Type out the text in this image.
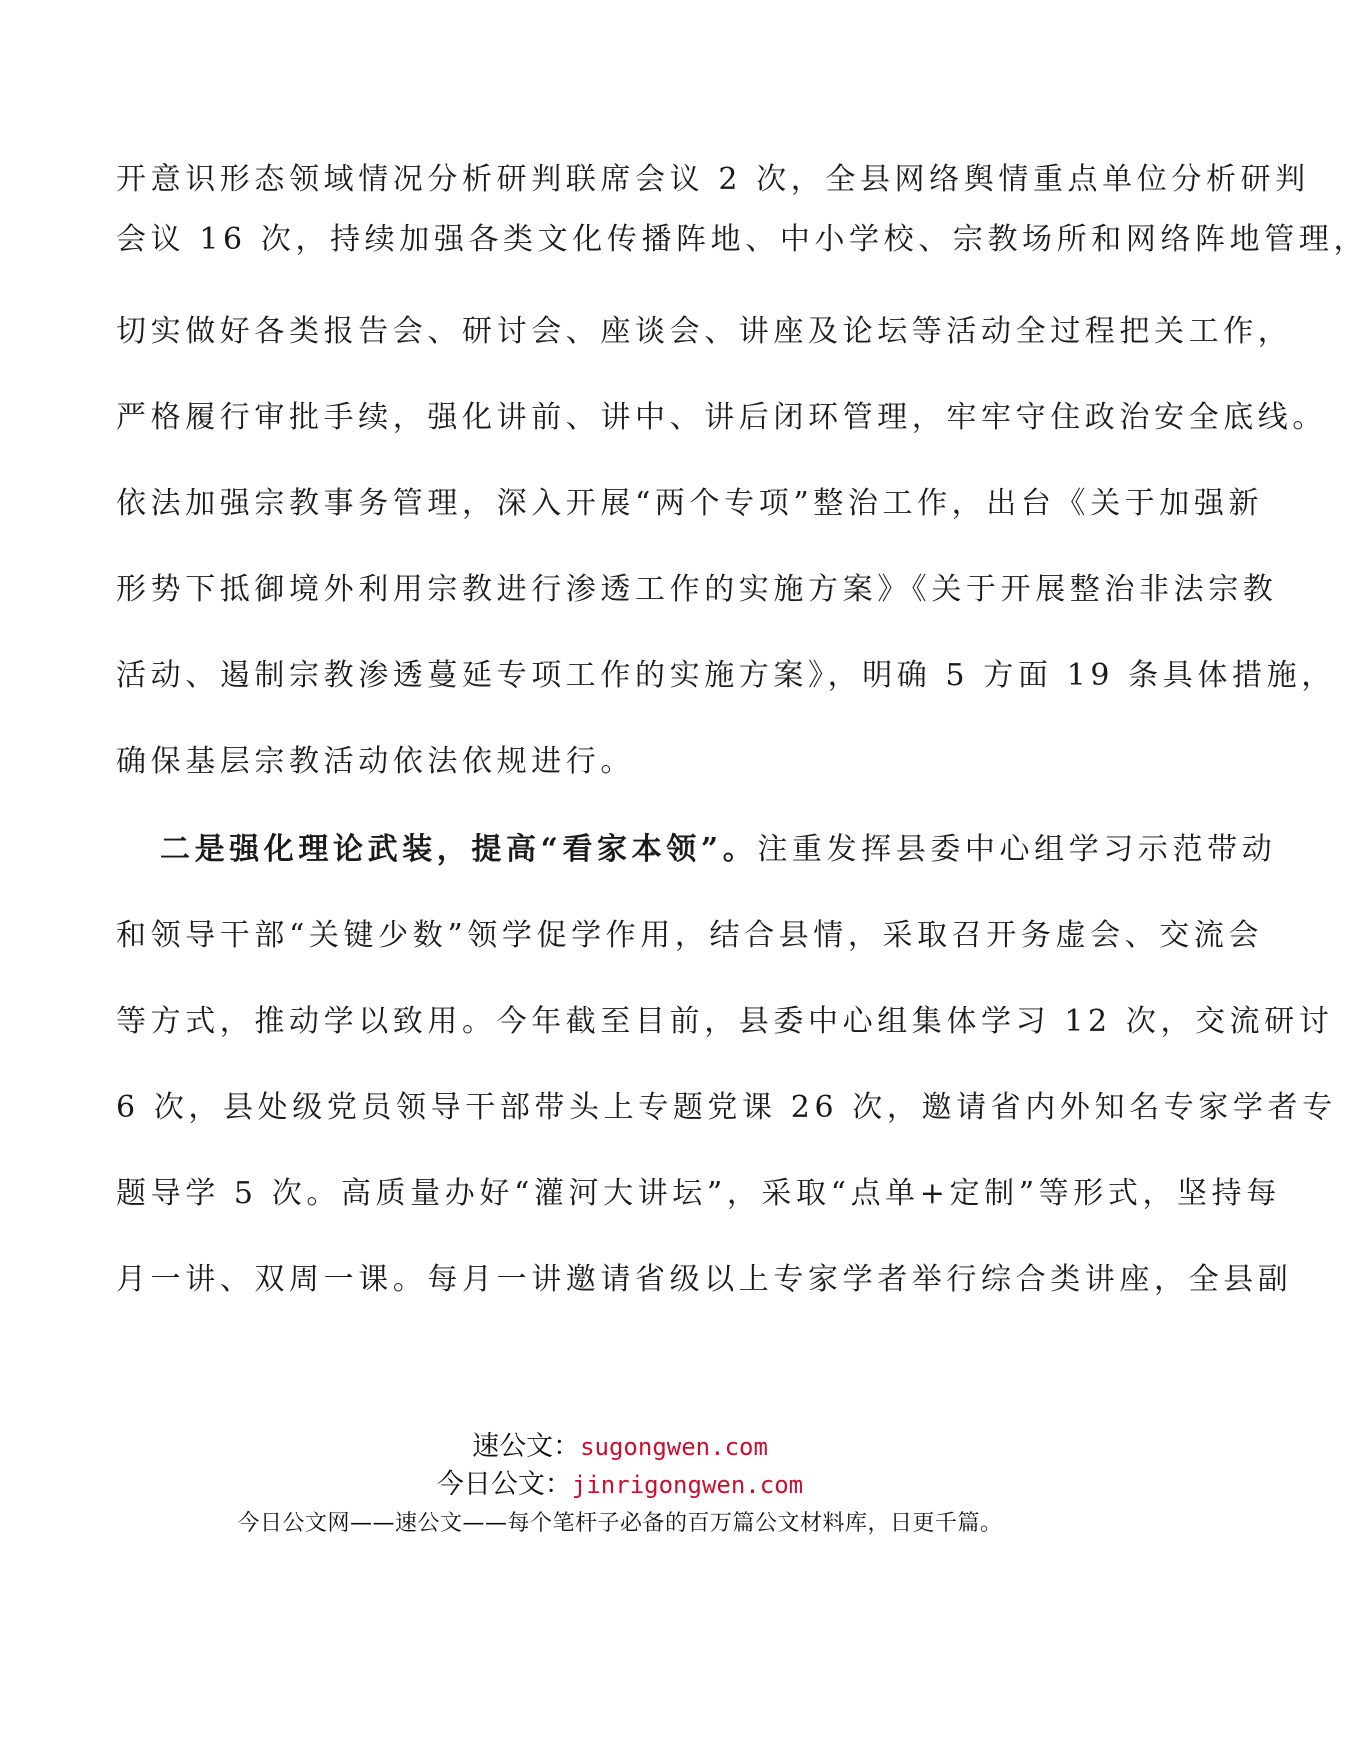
开意识形态领域情况分析研判联席会议 2 次，全县网络舆情重点单位分析研判
会议 16 次，持续加强各类文化传播阵地、中小学校、宗教场所和网络阵地管理，
切实做好各类报告会、研讨会、座谈会、讲座及论坛等活动全过程把关工作，
严格履行审批手续，强化讲前、讲中、讲后闭环管理，牢牢守住政治安全底线。
依法加强宗教事务管理，深入开展“两个专项”整治工作，出台《关于加强新
形势下抵御境外利用宗教进行渗透工作的实施方案》《关于开展整治非法宗教
活动、遏制宗教渗透蔓延专项工作的实施方案》，明确 5 方面 19 条具体措施，
确保基层宗教活动依法依规进行。
二是强化理论武装，提高“看家本领”。注重发挥县委中心组学习示范带动
和领导干部“关键少数”领学促学作用，结合县情，采取召开务虚会、交流会
等方式，推动学以致用。今年截至目前，县委中心组集体学习 12 次，交流研讨
6 次，县处级党员领导干部带头上专题党课 26 次，邀请省内外知名专家学者专
题导学 5 次。高质量办好“灌河大讲坛”，采取“点单+定制”等形式，坚持每
月一讲、双周一课。每月一讲邀请省级以上专家学者举行综合类讲座，全县副
速公文：sugongwen.com
今日公文：jinrigongwen.com
今日公文网——速公文——每个笔杆子必备的百万篇公文材料库，日更千篇。
